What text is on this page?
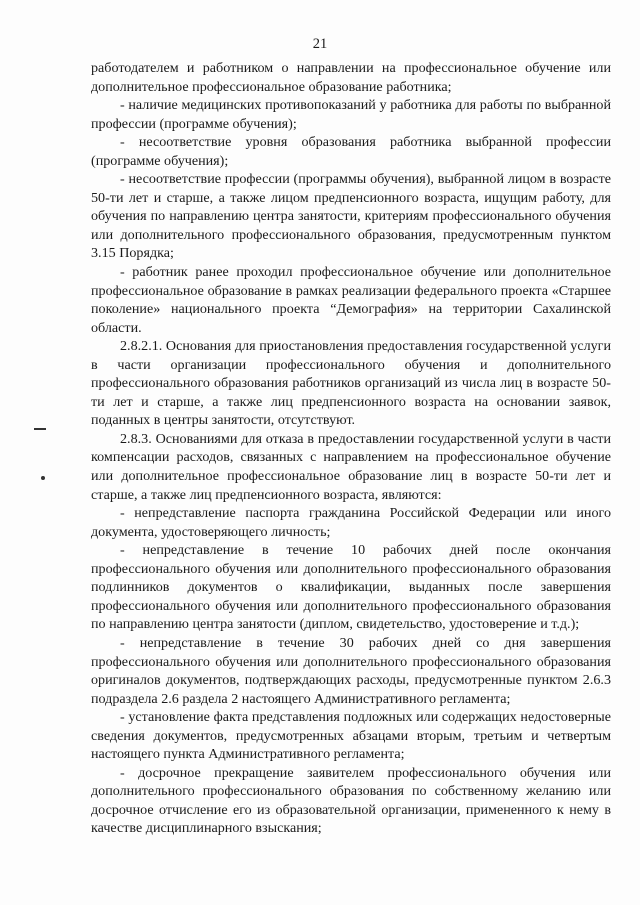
21

работодателем и работником о направлении на профессиональное обучение или дополнительное профессиональное образование работника;

- наличие медицинских противопоказаний у работника для работы по выбранной профессии (программе обучения);

- несоответствие уровня образования работника выбранной профессии (программе обучения);

- несоответствие профессии (программы обучения), выбранной лицом в возрасте 50-ти лет и старше, а также лицом предпенсионного возраста, ищущим работу, для обучения по направлению центра занятости, критериям профессионального обучения или дополнительного профессионального образования, предусмотренным пунктом 3.15 Порядка;

- работник ранее проходил профессиональное обучение или дополнительное профессиональное образование в рамках реализации федерального проекта «Старшее поколение» национального проекта “Демография» на территории Сахалинской области.

2.8.2.1. Основания для приостановления предоставления государственной услуги в части организации профессионального обучения и дополнительного профессионального образования работников организаций из числа лиц в возрасте 50-ти лет и старше, а также лиц предпенсионного возраста на основании заявок, поданных в центры занятости, отсутствуют.

2.8.3. Основаниями для отказа в предоставлении государственной услуги в части компенсации расходов, связанных с направлением на профессиональное обучение или дополнительное профессиональное образование лиц в возрасте 50-ти лет и старше, а также лиц предпенсионного возраста, являются:

- непредставление паспорта гражданина Российской Федерации или иного документа, удостоверяющего личность;

- непредставление в течение 10 рабочих дней после окончания профессионального обучения или дополнительного профессионального образования подлинников документов о квалификации, выданных после завершения профессионального обучения или дополнительного профессионального образования по направлению центра занятости (диплом, свидетельство, удостоверение и т.д.);

- непредставление в течение 30 рабочих дней со дня завершения профессионального обучения или дополнительного профессионального образования оригиналов документов, подтверждающих расходы, предусмотренные пунктом 2.6.3 подраздела 2.6 раздела 2 настоящего Административного регламента;

- установление факта представления подложных или содержащих недостоверные сведения документов, предусмотренных абзацами вторым, третьим и четвертым настоящего пункта Административного регламента;

- досрочное прекращение заявителем профессионального обучения или дополнительного профессионального образования по собственному желанию или досрочное отчисление его из образовательной организации, примененного к нему в качестве дисциплинарного взыскания;
